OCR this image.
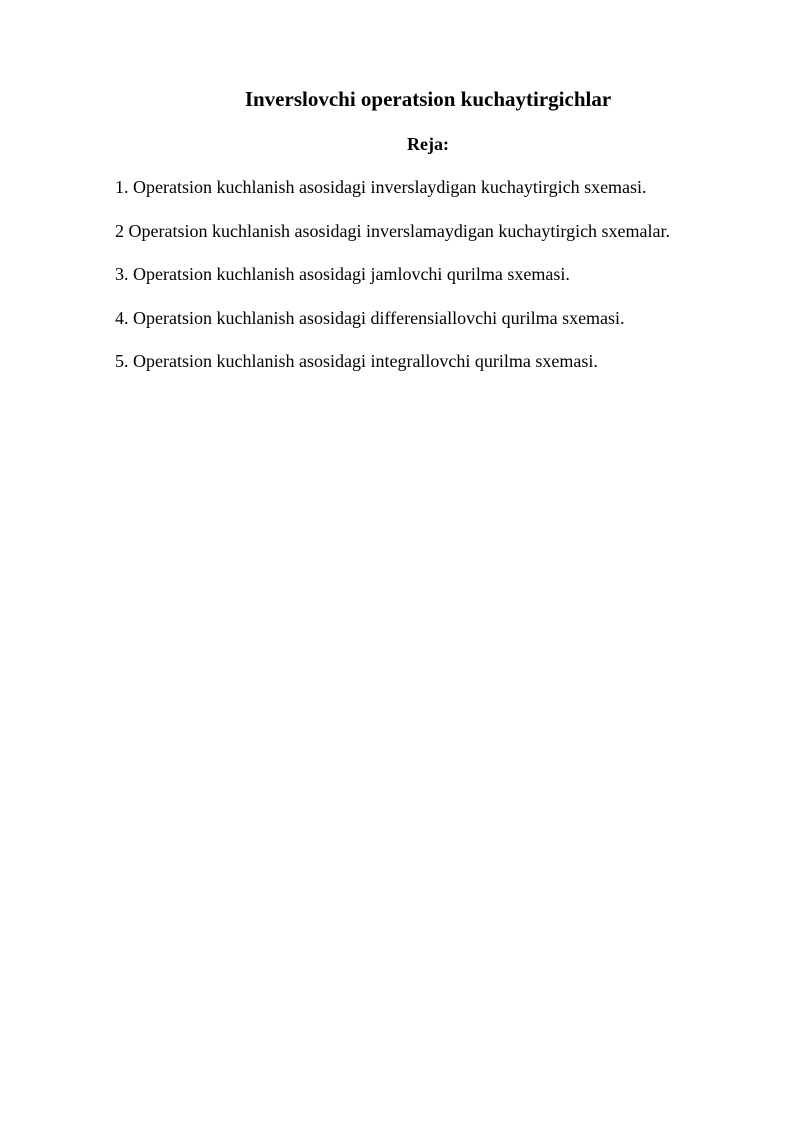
Inverslovchi operatsion kuchaytirgichlar
Reja:
1. Operatsion kuchlanish asosidagi inverslaydigan kuchaytirgich sxemasi.
2 Operatsion kuchlanish asosidagi inverslamaydigan kuchaytirgich sxemalar.
3. Operatsion kuchlanish asosidagi jamlovchi qurilma sxemasi.
4. Operatsion kuchlanish asosidagi differensiallovchi qurilma sxemasi.
5. Operatsion kuchlanish asosidagi integrallovchi qurilma sxemasi.
